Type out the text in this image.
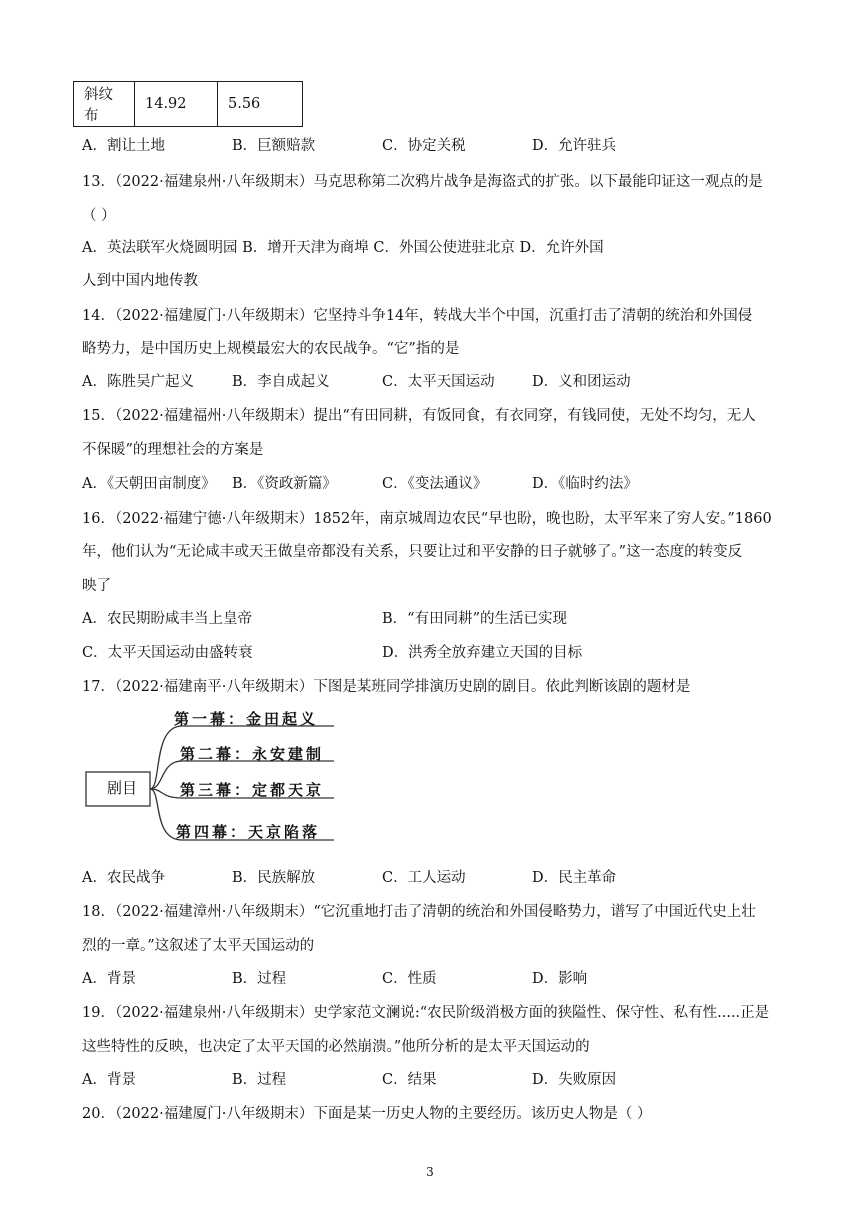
斜纹布	14.92	5.56
A．割让土地	B．巨额赔款	C．协定关税	D．允许驻兵
13．（2022·福建泉州·八年级期末）马克思称第二次鸦片战争是海盗式的扩张。以下最能印证这一观点的是
（ ）
A．英法联军火烧圆明园 B．增开天津为商埠 C．外国公使进驻北京 D．允许外国
人到中国内地传教
14．（2022·福建厦门·八年级期末）它坚持斗争14年，转战大半个中国，沉重打击了清朝的统治和外国侵
略势力，是中国历史上规模最宏大的农民战争。“它”指的是
A．陈胜吴广起义	B．李自成起义	C．太平天国运动	D．义和团运动
15．（2022·福建福州·八年级期末）提出“有田同耕，有饭同食，有衣同穿，有钱同使，无处不均匀，无人
不保暖”的理想社会的方案是
A．《天朝田亩制度》 B．《资政新篇》	C．《变法通议》	D．《临时约法》
16．（2022·福建宁德·八年级期末）1852年，南京城周边农民“早也盼，晚也盼，太平军来了穷人安。”1860
年，他们认为“无论咸丰或天王做皇帝都没有关系，只要让过和平安静的日子就够了。”这一态度的转变反
映了
A．农民期盼咸丰当上皇帝	B．“有田同耕”的生活已实现
C．太平天国运动由盛转衰	D．洪秀全放弃建立天国的目标
17．（2022·福建南平·八年级期末）下图是某班同学排演历史剧的剧目。依此判断该剧的题材是
剧目
第一幕：金田起义
第二幕：永安建制
第三幕：定都天京
第四幕：天京陷落
A．农民战争	B．民族解放	C．工人运动	D．民主革命
18．（2022·福建漳州·八年级期末）“它沉重地打击了清朝的统治和外国侵略势力，谱写了中国近代史上壮
烈的一章。”这叙述了太平天国运动的
A．背景	B．过程	C．性质	D．影响
19．（2022·福建泉州·八年级期末）史学家范文澜说:“农民阶级消极方面的狭隘性、保守性、私有性.....正是
这些特性的反映，也决定了太平天国的必然崩溃。”他所分析的是太平天国运动的
A．背景	B．过程	C．结果	D．失败原因
20．（2022·福建厦门·八年级期末）下面是某一历史人物的主要经历。该历史人物是（ ）
3
